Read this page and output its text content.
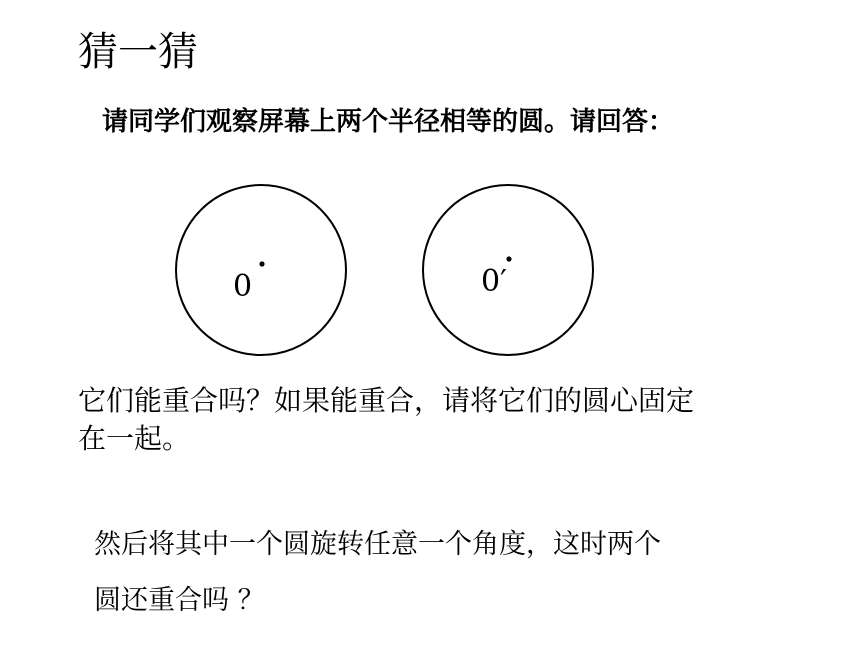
猜一猜
请同学们观察屏幕上两个半径相等的圆。请回答：
0	0′
它们能重合吗？如果能重合，请将它们的圆心固定
在一起。
然后将其中一个圆旋转任意一个角度，这时两个
圆还重合吗 ？
